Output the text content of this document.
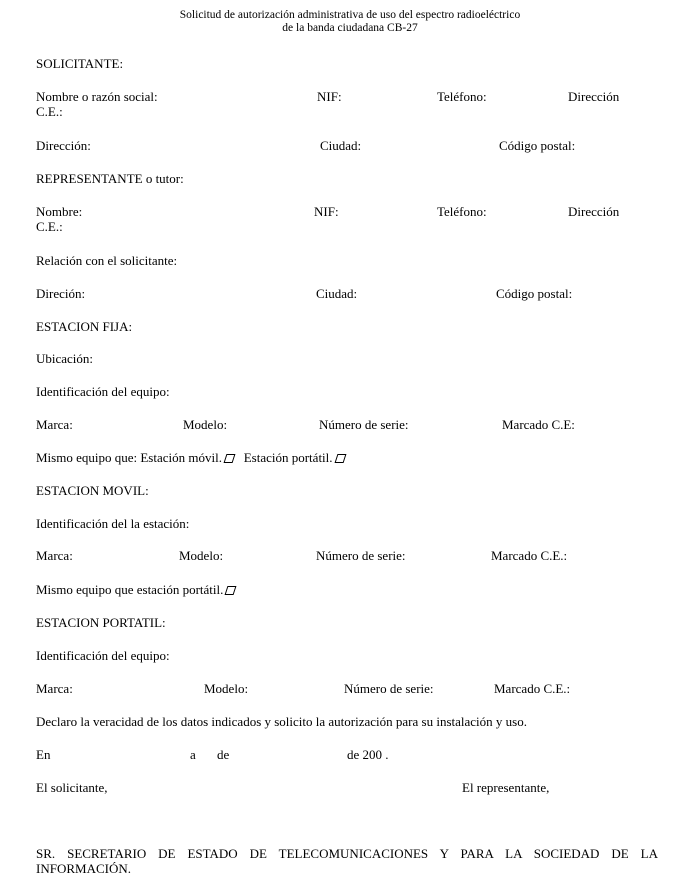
Solicitud de autorización administrativa de uso del espectro radioeléctrico
de la banda ciudadana CB-27
SOLICITANTE:
Nombre o razón social:	NIF:	Teléfono:	Dirección
C.E.:
Dirección:	Ciudad:	Código postal:
REPRESENTANTE o tutor:
Nombre:	NIF:	Teléfono:	Dirección
C.E.:
Relación con el solicitante:
Direción:	Ciudad:	Código postal:
ESTACION FIJA:
Ubicación:
Identificación del equipo:
Marca:	Modelo:	Número de serie:	Marcado C.E:
Mismo equipo que: Estación móvil. Estación portátil.
ESTACION MOVIL:
Identificación del la estación:
Marca:	Modelo:	Número de serie:	Marcado C.E.:
Mismo equipo que estación portátil.
ESTACION PORTATIL:
Identificación del equipo:
Marca:	Modelo:	Número de serie:	Marcado C.E.:
Declaro la veracidad de los datos indicados y solicito la autorización para su instalación y uso.
En	a de	de 200 .
El solicitante,	El representante,
SR. SECRETARIO DE ESTADO DE TELECOMUNICACIONES Y PARA LA SOCIEDAD DE LA
INFORMACIÓN.
